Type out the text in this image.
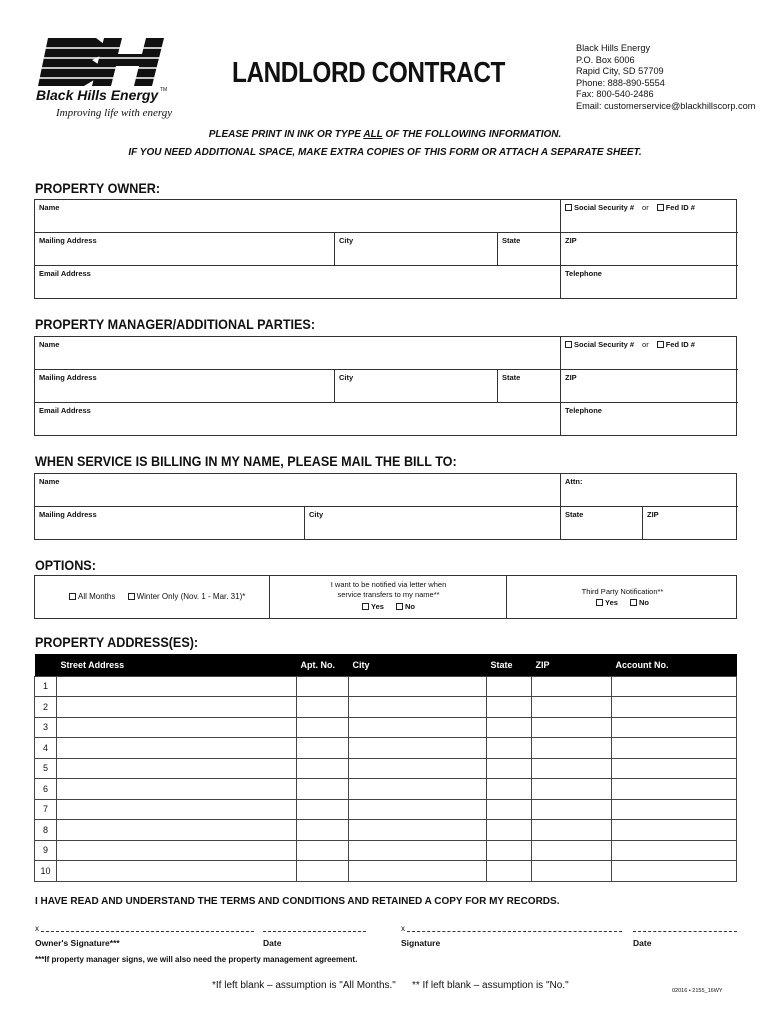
Black Hills Energy TM
Improving life with energy
LANDLORD CONTRACT
Black Hills Energy
P.O. Box 6006
Rapid City, SD 57709
Phone: 888-890-5554
Fax: 800-540-2486
Email: customerservice@blackhillscorp.com
PLEASE PRINT IN INK OR TYPE ALL OF THE FOLLOWING INFORMATION.
IF YOU NEED ADDITIONAL SPACE, MAKE EXTRA COPIES OF THIS FORM OR ATTACH A SEPARATE SHEET.
PROPERTY OWNER:
Name	Social Security # or Fed ID #
Mailing Address	City	State	ZIP
Email Address	Telephone
PROPERTY MANAGER/ADDITIONAL PARTIES:
Name	Social Security # or Fed ID #
Mailing Address	City	State	ZIP
Email Address	Telephone
WHEN SERVICE IS BILLING IN MY NAME, PLEASE MAIL THE BILL TO:
Name	Attn:
Mailing Address	City	State	ZIP
OPTIONS:
All Months	Winter Only (Nov. 1 - Mar. 31)*
I want to be notified via letter when
service transfers to my name**
Yes	No
Third Party Notification**
Yes	No
PROPERTY ADDRESS(ES):
	Street Address	Apt. No.	City	State	ZIP	Account No.
1						
2						
3						
4						
5						
6						
7						
8						
9						
10						
I HAVE READ AND UNDERSTAND THE TERMS AND CONDITIONS AND RETAINED A COPY FOR MY RECORDS.
x	x
Owner's Signature***	Date	Signature	Date
***If property manager signs, we will also need the property management agreement.
*If left blank – assumption is "All Months." ** If left blank – assumption is "No."	02016 • 2155_16WY
